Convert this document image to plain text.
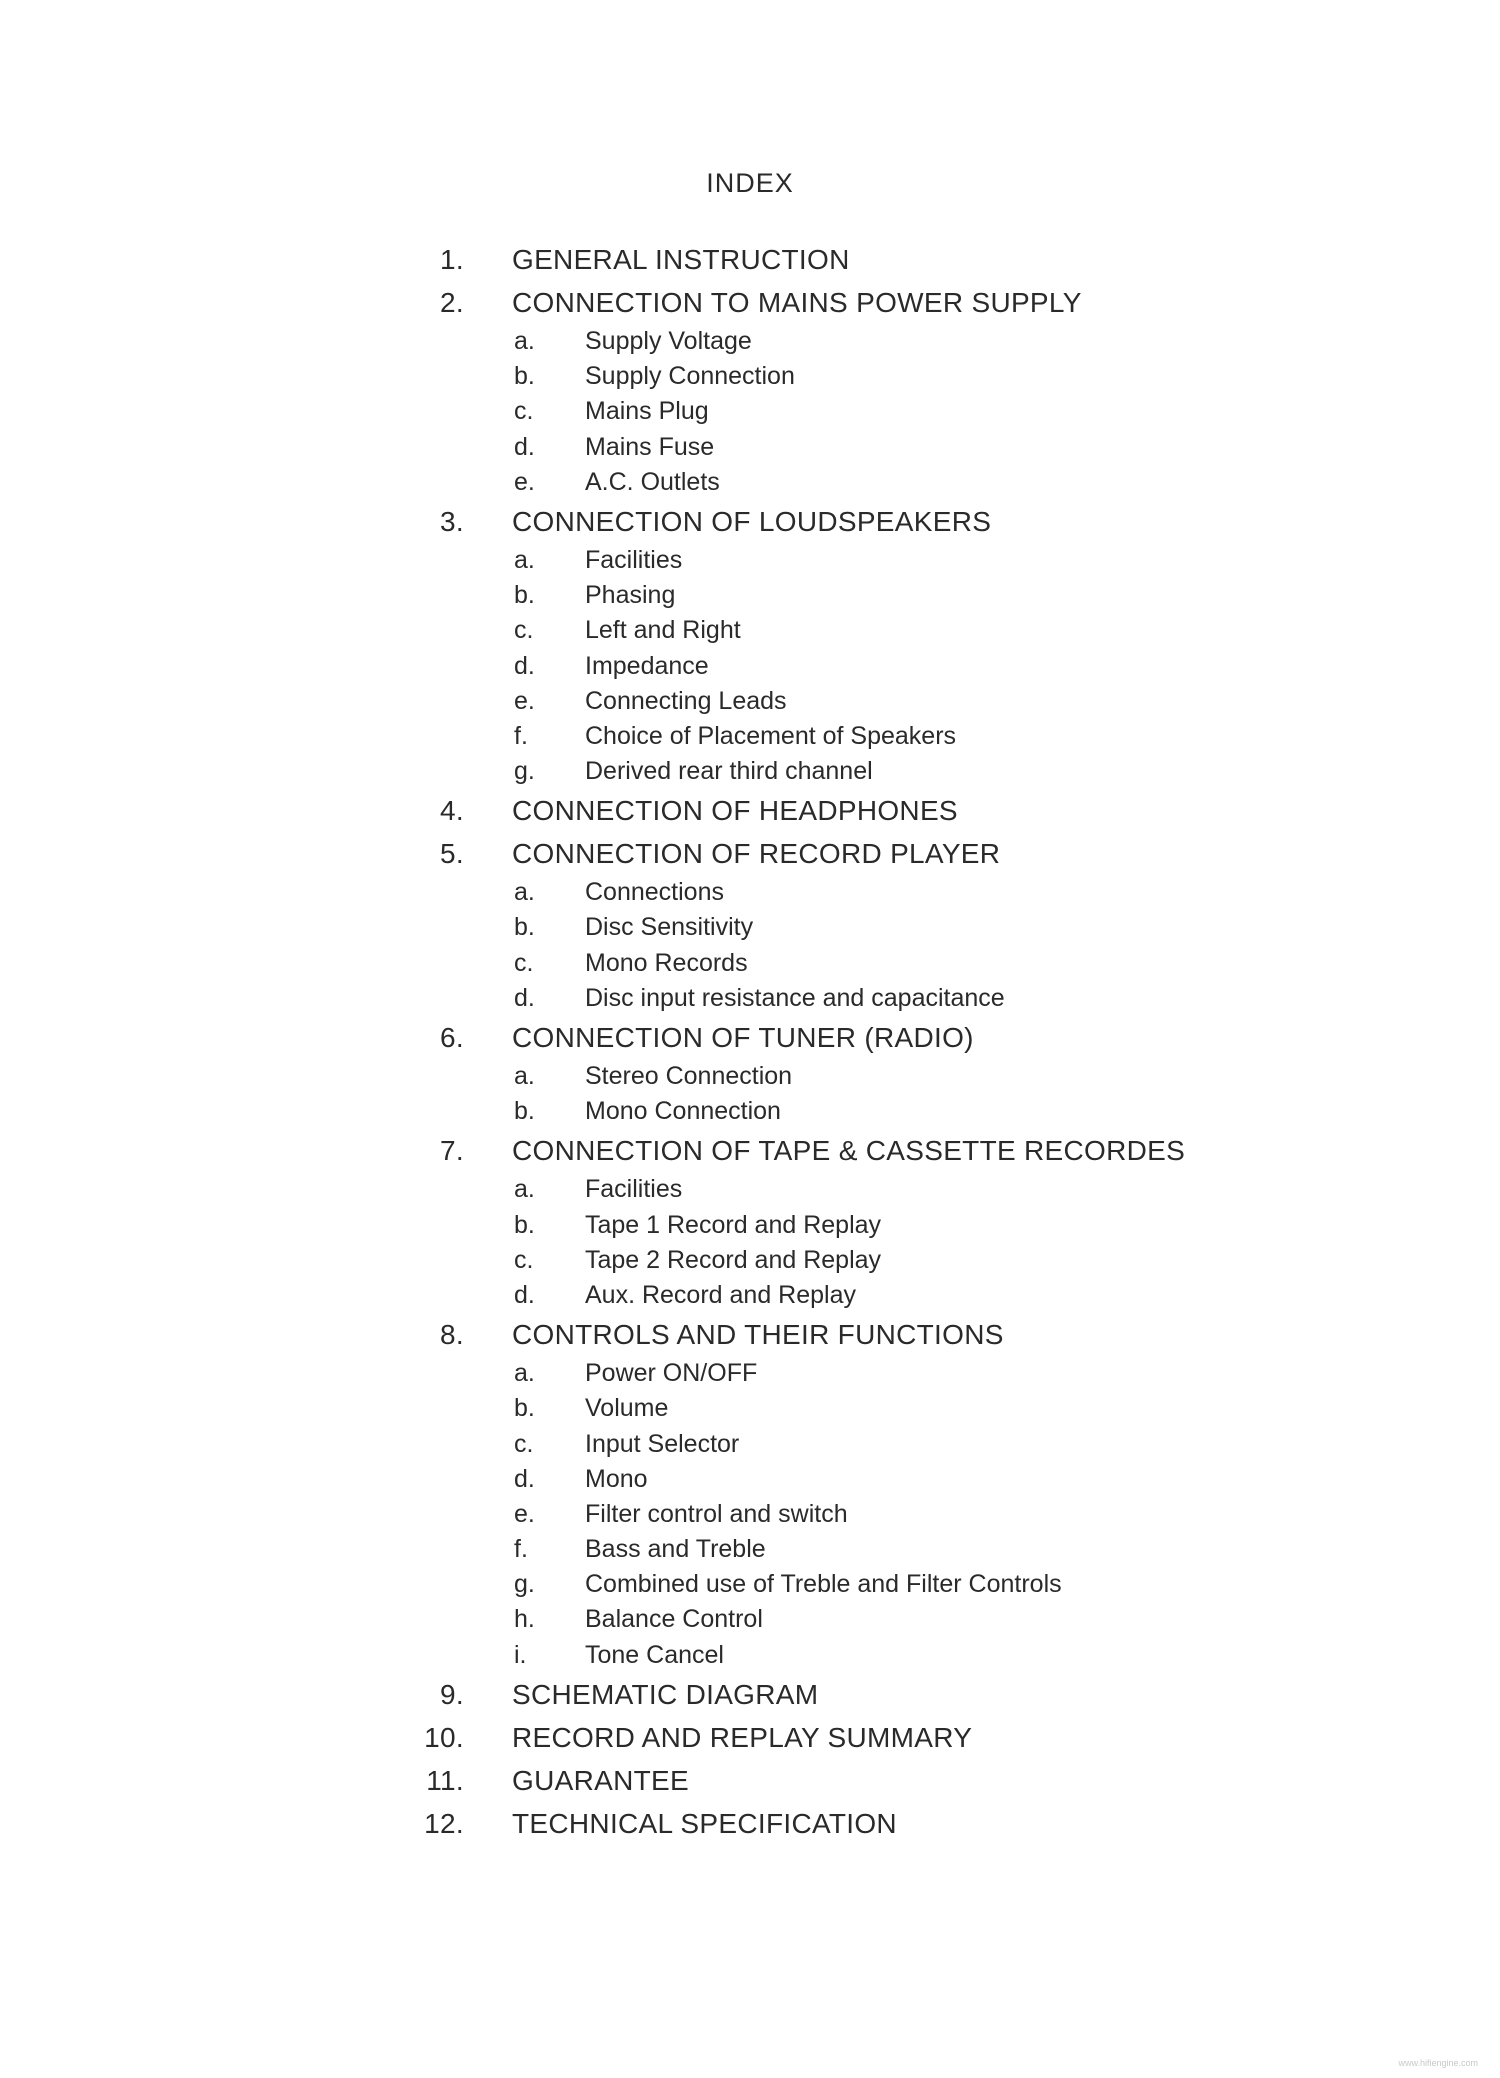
INDEX
1. GENERAL INSTRUCTION
2. CONNECTION TO MAINS POWER SUPPLY
a. Supply Voltage
b. Supply Connection
c. Mains Plug
d. Mains Fuse
e. A.C. Outlets
3. CONNECTION OF LOUDSPEAKERS
a. Facilities
b. Phasing
c. Left and Right
d. Impedance
e. Connecting Leads
f. Choice of Placement of Speakers
g. Derived rear third channel
4. CONNECTION OF HEADPHONES
5. CONNECTION OF RECORD PLAYER
a. Connections
b. Disc Sensitivity
c. Mono Records
d. Disc input resistance and capacitance
6. CONNECTION OF TUNER (RADIO)
a. Stereo Connection
b. Mono Connection
7. CONNECTION OF TAPE & CASSETTE RECORDES
a. Facilities
b. Tape 1 Record and Replay
c. Tape 2 Record and Replay
d. Aux. Record and Replay
8. CONTROLS AND THEIR FUNCTIONS
a. Power ON/OFF
b. Volume
c. Input Selector
d. Mono
e. Filter control and switch
f. Bass and Treble
g. Combined use of Treble and Filter Controls
h. Balance Control
i. Tone Cancel
9. SCHEMATIC DIAGRAM
10. RECORD AND REPLAY SUMMARY
11. GUARANTEE
12. TECHNICAL SPECIFICATION
www.hifiengine.com
